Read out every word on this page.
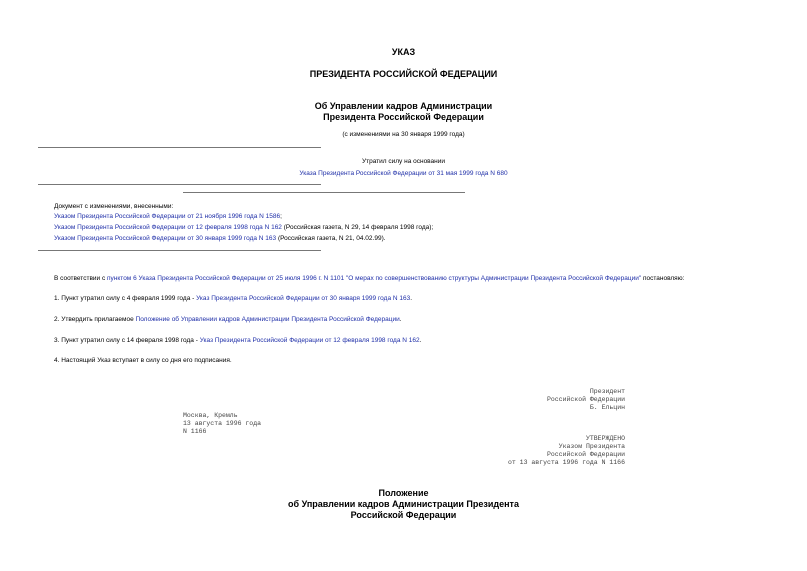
УКАЗ
ПРЕЗИДЕНТА РОССИЙСКОЙ ФЕДЕРАЦИИ
Об Управлении кадров Администрации
Президента Российской Федерации
(с изменениями на 30 января 1999 года)
Утратил силу на основании
Указа Президента Российской Федерации от 31 мая 1999 года N 680
Документ с изменениями, внесенными:
Указом Президента Российской Федерации от 21 ноября 1996 года N 1586;
Указом Президента Российской Федерации от 12 февраля 1998 года N 162 (Российская газета, N 29, 14 февраля 1998 года);
Указом Президента Российской Федерации от 30 января 1999 года N 163 (Российская газета, N 21, 04.02.99).
В соответствии с пунктом 6 Указа Президента Российской Федерации от 25 июля 1996 г. N 1101 "О мерах по совершенствованию структуры Администрации Президента Российской Федерации" постановляю:
1. Пункт утратил силу с 4 февраля 1999 года - Указ Президента Российской Федерации от 30 января 1999 года N 163.
2. Утвердить прилагаемое Положение об Управлении кадров Администрации Президента Российской Федерации.
3. Пункт утратил силу с 14 февраля 1998 года - Указ Президента Российской Федерации от 12 февраля 1998 года N 162.
4. Настоящий Указ вступает в силу со дня его подписания.
Президент
Российской Федерации
Б. Ельцин
Москва, Кремль
13 августа 1996 года
N 1166
УТВЕРЖДЕНО
Указом Президента
Российской Федерации
от 13 августа 1996 года N 1166
Положение
об Управлении кадров Администрации Президента
Российской Федерации
